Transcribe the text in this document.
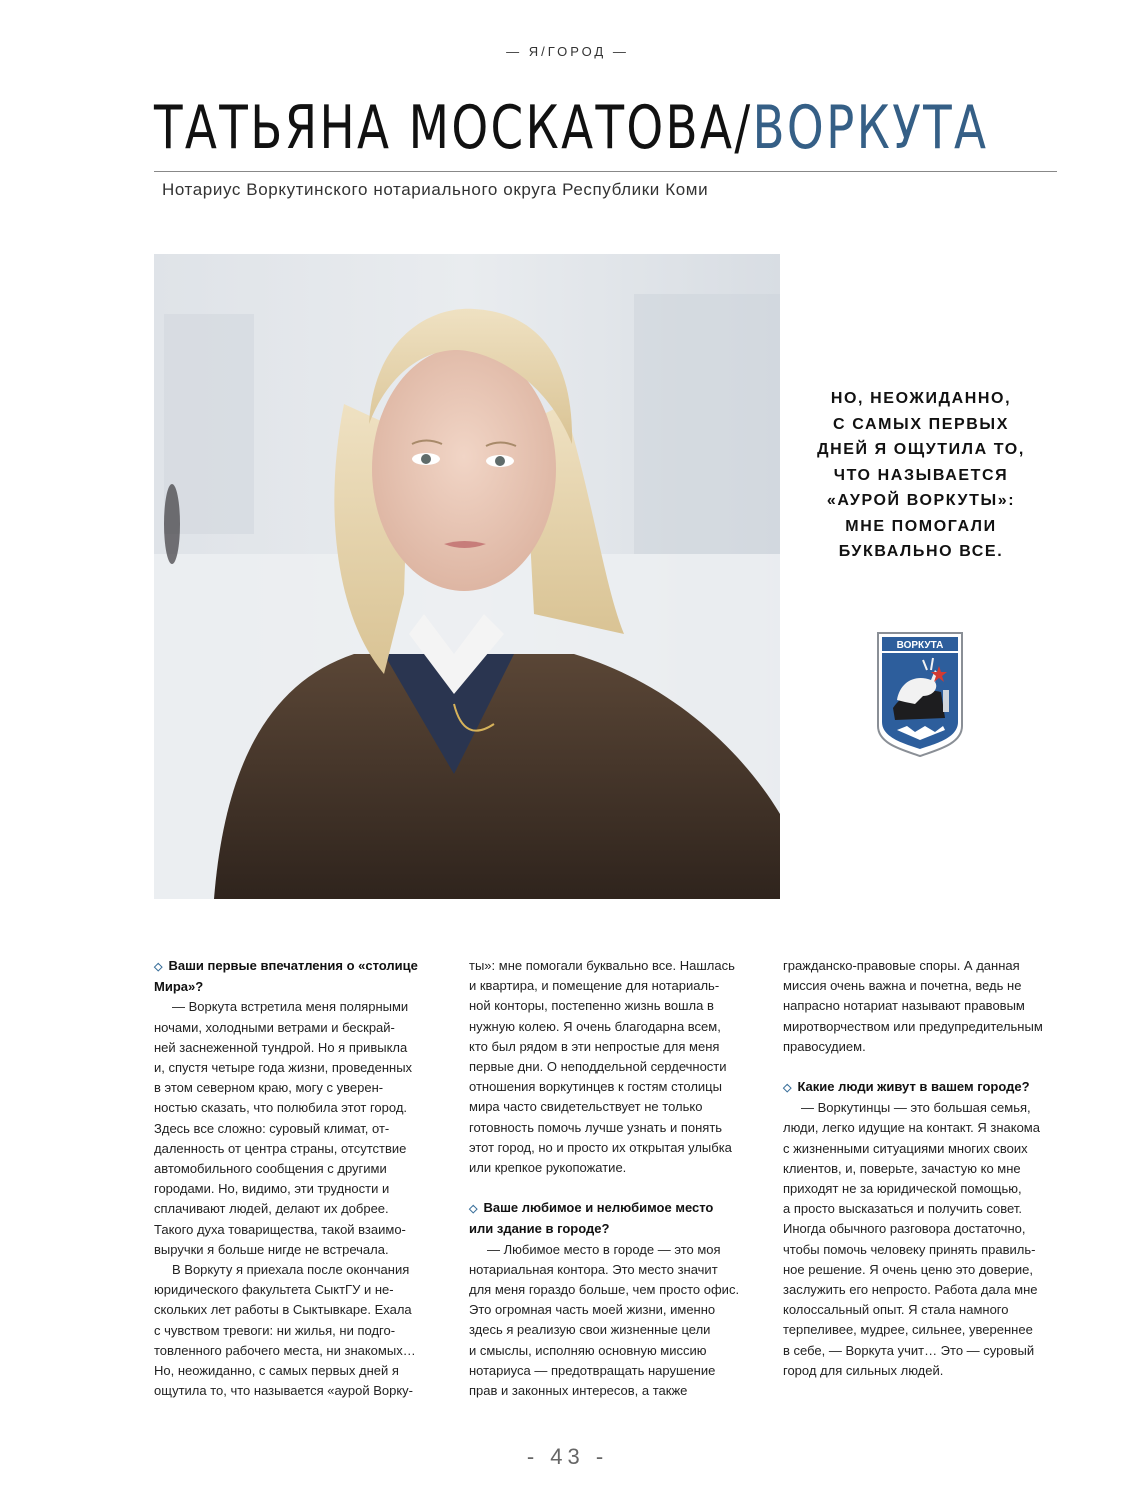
— Я/ГОРОД —
ТАТЬЯНА МОСКАТОВА/ВОРКУТА
Нотариус Воркутинского нотариального округа Республики Коми
НО, НЕОЖИДАННО,
С САМЫХ ПЕРВЫХ
ДНЕЙ Я ОЩУТИЛА ТО,
ЧТО НАЗЫВАЕТСЯ
«АУРОЙ ВОРКУТЫ»:
МНЕ ПОМОГАЛИ
БУКВАЛЬНО ВСЕ.
ВОРКУТА
◇ Ваши первые впечатления о «столице
Мира»?
— Воркута встретила меня полярными
ночами, холодными ветрами и бескрай-
ней заснеженной тундрой. Но я привыкла
и, спустя четыре года жизни, проведенных
в этом северном краю, могу с уверен-
ностью сказать, что полюбила этот город.
Здесь все сложно: суровый климат, от-
даленность от центра страны, отсутствие
автомобильного сообщения с другими
городами. Но, видимо, эти трудности и
сплачивают людей, делают их добрее.
Такого духа товарищества, такой взаимо-
выручки я больше нигде не встречала.
В Воркуту я приехала после окончания
юридического факультета СыктГУ и не-
скольких лет работы в Сыктывкаре. Ехала
с чувством тревоги: ни жилья, ни подго-
товленного рабочего места, ни знакомых…
Но, неожиданно, с самых первых дней я
ощутила то, что называется «аурой Ворку-
ты»: мне помогали буквально все. Нашлась
и квартира, и помещение для нотариаль-
ной конторы, постепенно жизнь вошла в
нужную колею. Я очень благодарна всем,
кто был рядом в эти непростые для меня
первые дни. О неподдельной сердечности
отношения воркутинцев к гостям столицы
мира часто свидетельствует не только
готовность помочь лучше узнать и понять
этот город, но и просто их открытая улыбка
или крепкое рукопожатие.
◇ Ваше любимое и нелюбимое место
или здание в городе?
— Любимое место в городе — это моя
нотариальная контора. Это место значит
для меня гораздо больше, чем просто офис.
Это огромная часть моей жизни, именно
здесь я реализую свои жизненные цели
и смыслы, исполняю основную миссию
нотариуса — предотвращать нарушение
прав и законных интересов, а также
гражданско-правовые споры. А данная
миссия очень важна и почетна, ведь не
напрасно нотариат называют правовым
миротворчеством или предупредительным
правосудием.
◇ Какие люди живут в вашем городе?
— Воркутинцы — это большая семья,
люди, легко идущие на контакт. Я знакома
с жизненными ситуациями многих своих
клиентов, и, поверьте, зачастую ко мне
приходят не за юридической помощью,
а просто высказаться и получить совет.
Иногда обычного разговора достаточно,
чтобы помочь человеку принять правиль-
ное решение. Я очень ценю это доверие,
заслужить его непросто. Работа дала мне
колоссальный опыт. Я стала намного
терпеливее, мудрее, сильнее, увереннее
в себе, — Воркута учит… Это — суровый
город для сильных людей.
- 43 -
